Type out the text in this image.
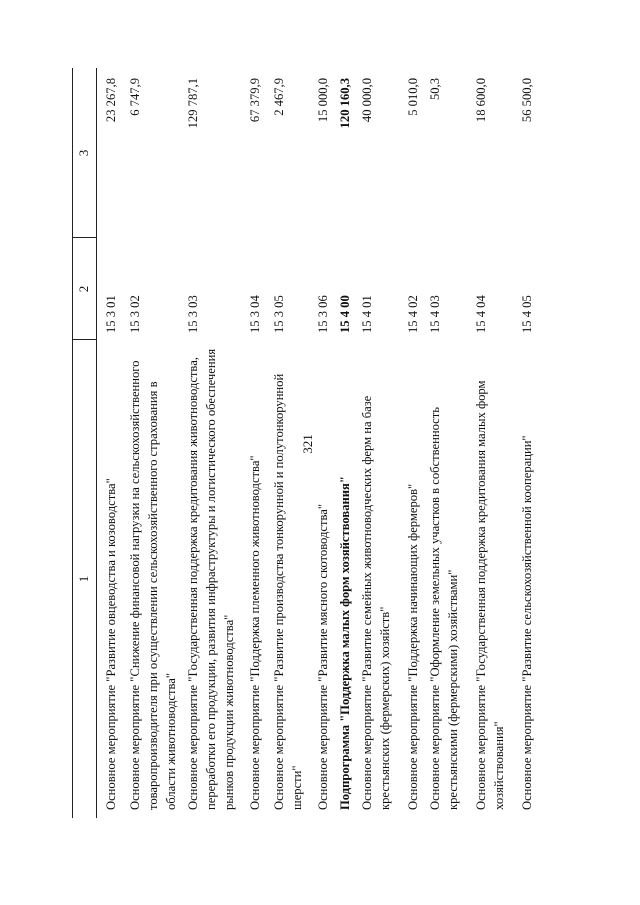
321
1
2
3
Основное мероприятие "Развитие овцеводства и козоводства"
15 3 01
23 267,8
Основное мероприятие "Снижение финансовой нагрузки на сельскохозяйственного товаропроизводителя при осуществлении сельскохозяйственного страхования в области животноводства"
15 3 02
6 747,9
Основное мероприятие "Государственная поддержка кредитования животноводства, переработки его продукции, развития инфраструктуры и логистического обеспечения рынков продукции животноводства"
15 3 03
129 787,1
Основное мероприятие "Поддержка племенного животноводства"
15 3 04
67 379,9
Основное мероприятие "Развитие производства тонкорунной и полутонкорунной шерсти"
15 3 05
2 467,9
Основное мероприятие "Развитие мясного скотоводства"
15 3 06
15 000,0
Подпрограмма "Поддержка малых форм хозяйствования"
15 4 00
120 160,3
Основное мероприятие "Развитие семейных животноводческих ферм на базе крестьянских (фермерских) хозяйств"
15 4 01
40 000,0
Основное мероприятие "Поддержка начинающих фермеров"
15 4 02
5 010,0
Основное мероприятие "Оформление земельных участков в собственность крестьянскими (фермерскими) хозяйствами"
15 4 03
50,3
Основное мероприятие "Государственная поддержка кредитования малых форм хозяйствования"
15 4 04
18 600,0
Основное мероприятие "Развитие сельскохозяйственной кооперации"
15 4 05
56 500,0
